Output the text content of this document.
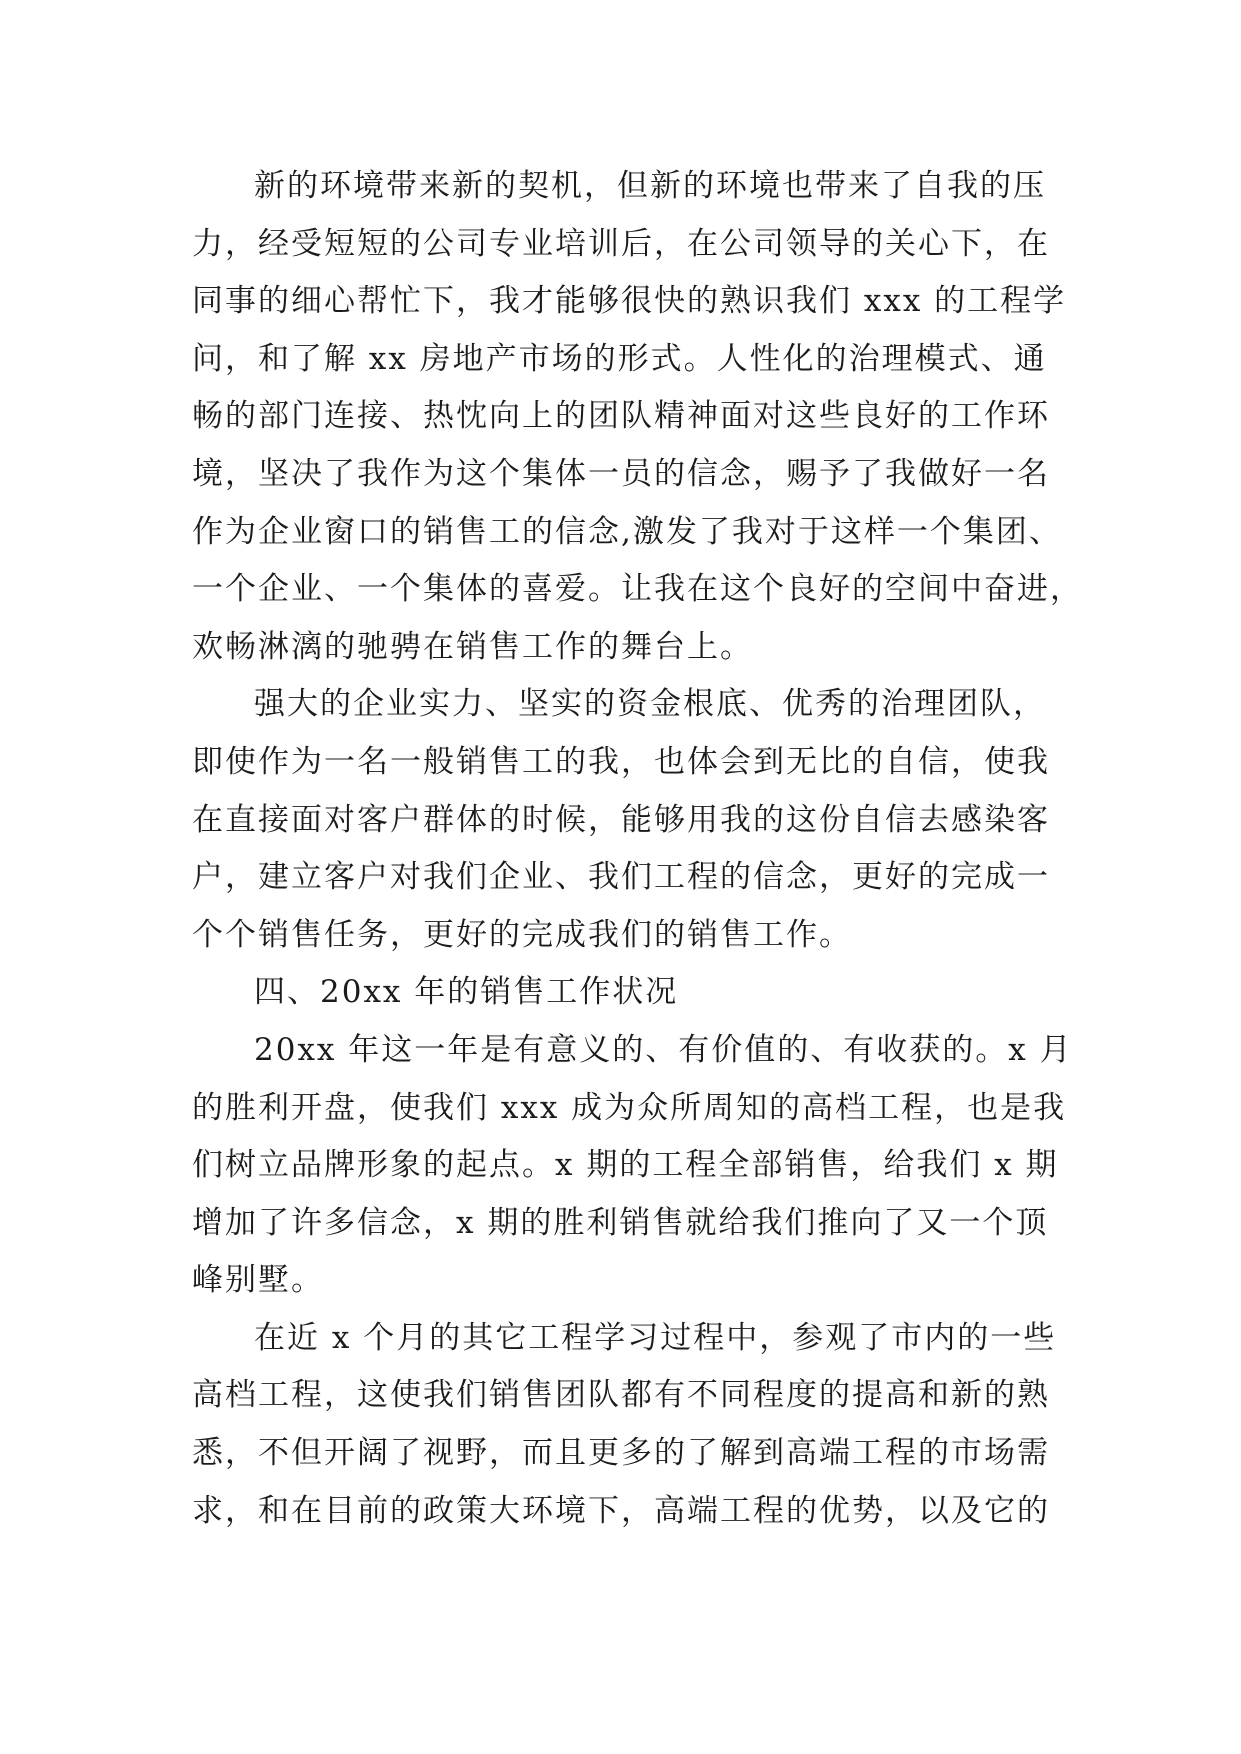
新的环境带来新的契机，但新的环境也带来了自我的压
力，经受短短的公司专业培训后，在公司领导的关心下，在
同事的细心帮忙下，我才能够很快的熟识我们 xxx 的工程学
问，和了解 xx 房地产市场的形式。人性化的治理模式、通
畅的部门连接、热忱向上的团队精神面对这些良好的工作环
境，坚决了我作为这个集体一员的信念，赐予了我做好一名
作为企业窗口的销售工的信念,激发了我对于这样一个集团、
一个企业、一个集体的喜爱。让我在这个良好的空间中奋进，
欢畅淋漓的驰骋在销售工作的舞台上。
强大的企业实力、坚实的资金根底、优秀的治理团队，
即使作为一名一般销售工的我，也体会到无比的自信，使我
在直接面对客户群体的时候，能够用我的这份自信去感染客
户，建立客户对我们企业、我们工程的信念，更好的完成一
个个销售任务，更好的完成我们的销售工作。
四、20xx 年的销售工作状况
20xx 年这一年是有意义的、有价值的、有收获的。x 月
的胜利开盘，使我们 xxx 成为众所周知的高档工程，也是我
们树立品牌形象的起点。x 期的工程全部销售，给我们 x 期
增加了许多信念，x 期的胜利销售就给我们推向了又一个顶
峰别墅。
在近 x 个月的其它工程学习过程中，参观了市内的一些
高档工程，这使我们销售团队都有不同程度的提高和新的熟
悉，不但开阔了视野，而且更多的了解到高端工程的市场需
求，和在目前的政策大环境下，高端工程的优势，以及它的
